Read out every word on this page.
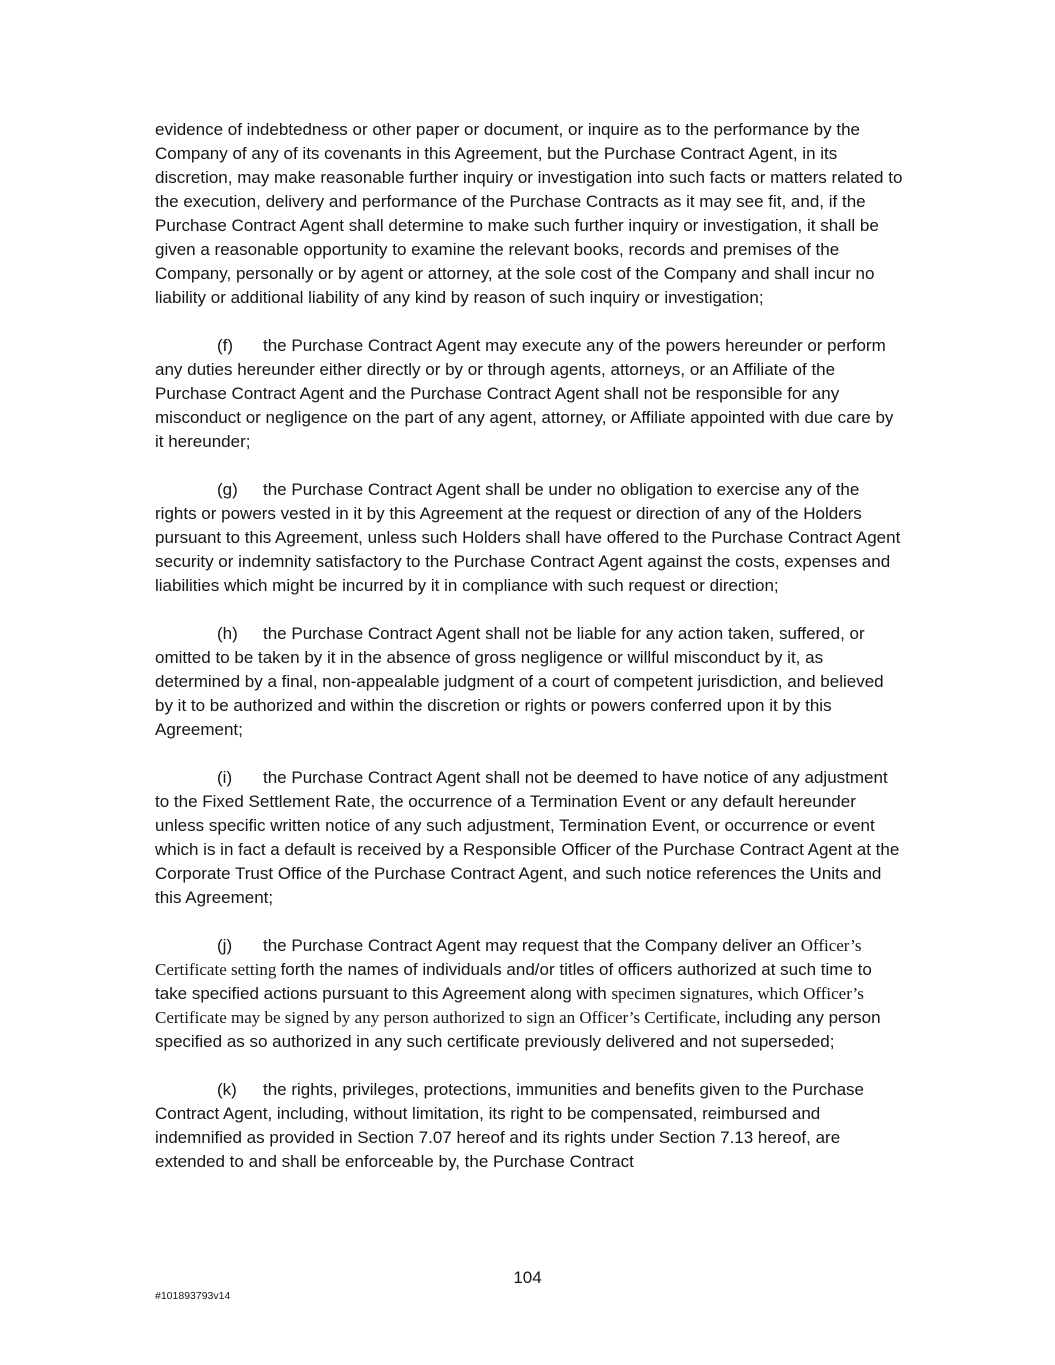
evidence of indebtedness or other paper or document, or inquire as to the performance by the Company of any of its covenants in this Agreement, but the Purchase Contract Agent, in its discretion, may make reasonable further inquiry or investigation into such facts or matters related to the execution, delivery and performance of the Purchase Contracts as it may see fit, and, if the Purchase Contract Agent shall determine to make such further inquiry or investigation, it shall be given a reasonable opportunity to examine the relevant books, records and premises of the Company, personally or by agent or attorney, at the sole cost of the Company and shall incur no liability or additional liability of any kind by reason of such inquiry or investigation;

(f) the Purchase Contract Agent may execute any of the powers hereunder or perform any duties hereunder either directly or by or through agents, attorneys, or an Affiliate of the Purchase Contract Agent and the Purchase Contract Agent shall not be responsible for any misconduct or negligence on the part of any agent, attorney, or Affiliate appointed with due care by it hereunder;

(g) the Purchase Contract Agent shall be under no obligation to exercise any of the rights or powers vested in it by this Agreement at the request or direction of any of the Holders pursuant to this Agreement, unless such Holders shall have offered to the Purchase Contract Agent security or indemnity satisfactory to the Purchase Contract Agent against the costs, expenses and liabilities which might be incurred by it in compliance with such request or direction;

(h) the Purchase Contract Agent shall not be liable for any action taken, suffered, or omitted to be taken by it in the absence of gross negligence or willful misconduct by it, as determined by a final, non-appealable judgment of a court of competent jurisdiction, and believed by it to be authorized and within the discretion or rights or powers conferred upon it by this Agreement;

(i) the Purchase Contract Agent shall not be deemed to have notice of any adjustment to the Fixed Settlement Rate, the occurrence of a Termination Event or any default hereunder unless specific written notice of any such adjustment, Termination Event, or occurrence or event which is in fact a default is received by a Responsible Officer of the Purchase Contract Agent at the Corporate Trust Office of the Purchase Contract Agent, and such notice references the Units and this Agreement;

(j) the Purchase Contract Agent may request that the Company deliver an Officer’s Certificate setting forth the names of individuals and/or titles of officers authorized at such time to take specified actions pursuant to this Agreement along with specimen signatures, which Officer’s Certificate may be signed by any person authorized to sign an Officer’s Certificate, including any person specified as so authorized in any such certificate previously delivered and not superseded;

(k) the rights, privileges, protections, immunities and benefits given to the Purchase Contract Agent, including, without limitation, its right to be compensated, reimbursed and indemnified as provided in Section 7.07 hereof and its rights under Section 7.13 hereof, are extended to and shall be enforceable by, the Purchase Contract

104
#101893793v14
